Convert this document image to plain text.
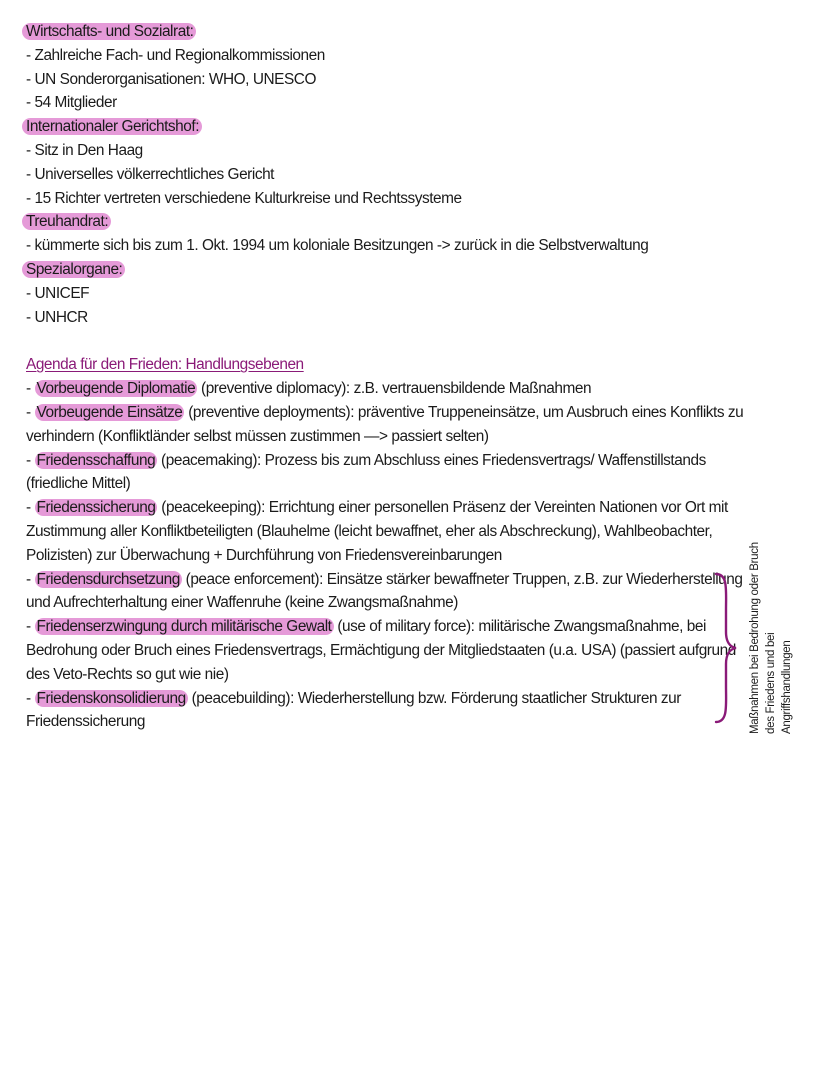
Wirtschafts- und Sozialrat:
- Zahlreiche Fach- und Regionalkommissionen
- UN Sonderorganisationen: WHO, UNESCO
- 54 Mitglieder
Internationaler Gerichtshof:
- Sitz in Den Haag
- Universelles völkerrechtliches Gericht
- 15 Richter vertreten verschiedene Kulturkreise und Rechtssysteme
Treuhandrat:
- kümmerte sich bis zum 1. Okt. 1994 um koloniale Besitzungen -> zurück in die Selbstverwaltung
Spezialorgane:
- UNICEF
- UNHCR
Agenda für den Frieden: Handlungsebenen
- Vorbeugende Diplomatie (preventive diplomacy): z.B. vertrauensbildende Maßnahmen
- Vorbeugende Einsätze (preventive deployments): präventive Truppeneinsätze, um Ausbruch eines Konflikts zu
verhindern (Konfliktländer selbst müssen zustimmen —> passiert selten)
- Friedensschaffung (peacemaking): Prozess bis zum Abschluss eines Friedensvertrags/ Waffenstillstands
(friedliche Mittel)
- Friedenssicherung (peacekeeping): Errichtung einer personellen Präsenz der Vereinten Nationen vor Ort mit
Zustimmung aller Konfliktbeteiligten (Blauhelme (leicht bewaffnet, eher als Abschreckung), Wahlbeobachter,
Polizisten) zur Überwachung + Durchführung von Friedensvereinbarungen
- Friedensdurchsetzung (peace enforcement): Einsätze stärker bewaffneter Truppen, z.B. zur Wiederherstellung
und Aufrechterhaltung einer Waffenruhe (keine Zwangsmaßnahme)
- Friedenserzwingung durch militärische Gewalt (use of military force): militärische Zwangsmaßnahme, bei
Bedrohung oder Bruch eines Friedensvertrags, Ermächtigung der Mitgliedstaaten (u.a. USA) (passiert aufgrund
des Veto-Rechts so gut wie nie)
- Friedenskonsolidierung (peacebuilding): Wiederherstellung bzw. Förderung staatlicher Strukturen zur
Friedenssicherung	Maßnahmen bei Bedrohung oder Bruch des Friedens und bei Angriffshandlungen
